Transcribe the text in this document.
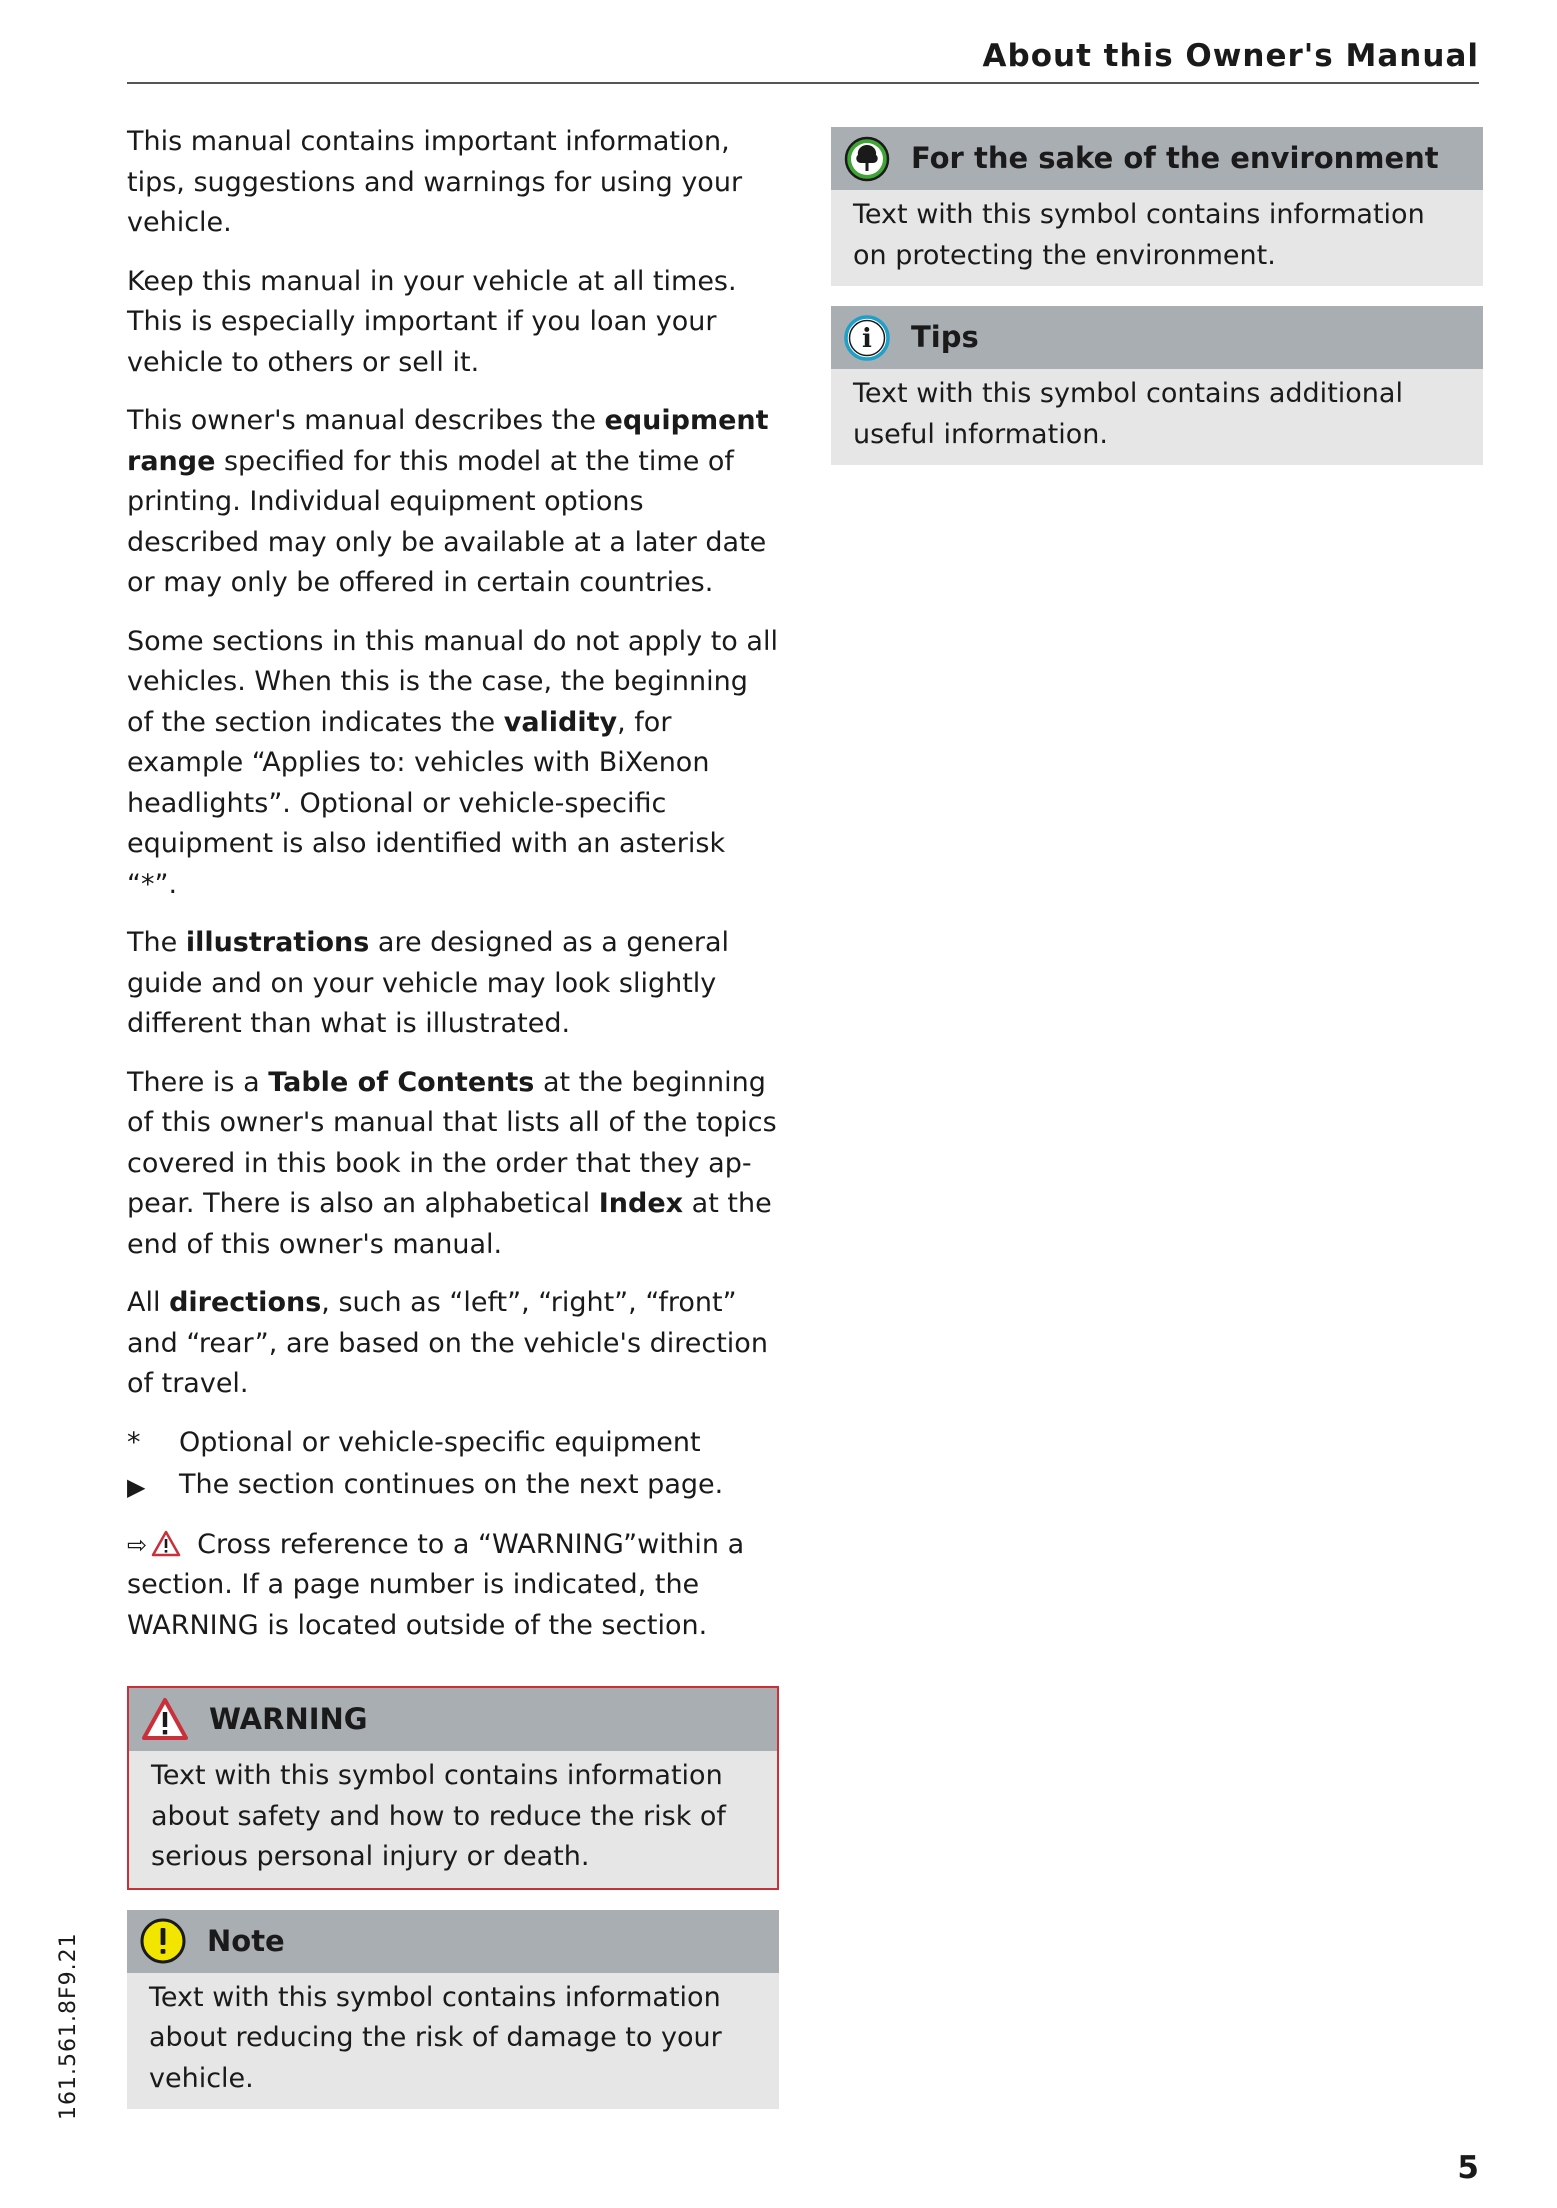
About this Owner's Manual

This manual contains important information, tips, suggestions and warnings for using your vehicle.

Keep this manual in your vehicle at all times. This is especially important if you loan your vehicle to others or sell it.

This owner's manual describes the equipment range specified for this model at the time of printing. Individual equipment options described may only be available at a later date or may only be offered in certain countries.

Some sections in this manual do not apply to all vehicles. When this is the case, the beginning of the section indicates the validity, for example “Applies to: vehicles with BiXenon headlights”. Optional or vehicle-specific equipment is also identified with an asterisk “*”.

The illustrations are designed as a general guide and on your vehicle may look slightly different than what is illustrated.

There is a Table of Contents at the beginning of this owner's manual that lists all of the topics covered in this book in the order that they appear. There is also an alphabetical Index at the end of this owner's manual.

All directions, such as “left”, “right”, “front” and “rear”, are based on the vehicle's direction of travel.

*	Optional or vehicle-specific equipment
▶	The section continues on the next page.
⇨ Cross reference to a “WARNING”within a section. If a page number is indicated, the WARNING is located outside of the section.
WARNING
Text with this symbol contains information about safety and how to reduce the risk of serious personal injury or death.
Note
Text with this symbol contains information about reducing the risk of damage to your vehicle.
For the sake of the environment
Text with this symbol contains information on protecting the environment.
i Tips
Text with this symbol contains additional useful information.
161.561.8F9.21
5
